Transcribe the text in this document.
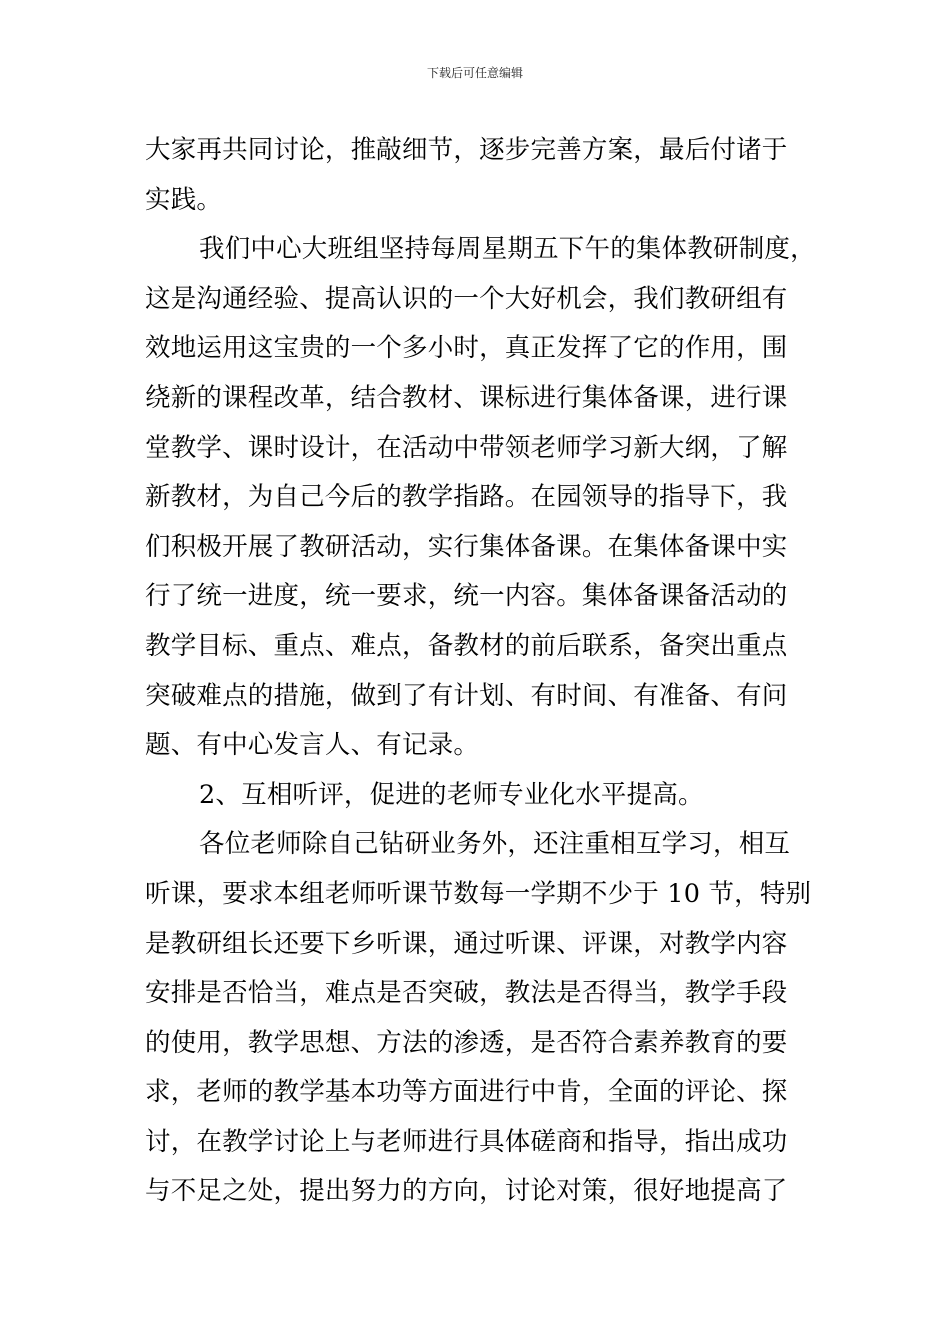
下载后可任意编辑
大家再共同讨论，推敲细节，逐步完善方案，最后付诸于
实践。
我们中心大班组坚持每周星期五下午的集体教研制度，
这是沟通经验、提高认识的一个大好机会，我们教研组有
效地运用这宝贵的一个多小时，真正发挥了它的作用，围
绕新的课程改革，结合教材、课标进行集体备课，进行课
堂教学、课时设计，在活动中带领老师学习新大纲，了解
新教材，为自己今后的教学指路。在园领导的指导下，我
们积极开展了教研活动，实行集体备课。在集体备课中实
行了统一进度，统一要求，统一内容。集体备课备活动的
教学目标、重点、难点，备教材的前后联系，备突出重点
突破难点的措施，做到了有计划、有时间、有准备、有问
题、有中心发言人、有记录。
2、互相听评，促进的老师专业化水平提高。
各位老师除自己钻研业务外，还注重相互学习，相互
听课，要求本组老师听课节数每一学期不少于 10 节，特别
是教研组长还要下乡听课，通过听课、评课，对教学内容
安排是否恰当，难点是否突破，教法是否得当，教学手段
的使用，教学思想、方法的渗透，是否符合素养教育的要
求，老师的教学基本功等方面进行中肯，全面的评论、探
讨，在教学讨论上与老师进行具体磋商和指导，指出成功
与不足之处，提出努力的方向，讨论对策，很好地提高了
